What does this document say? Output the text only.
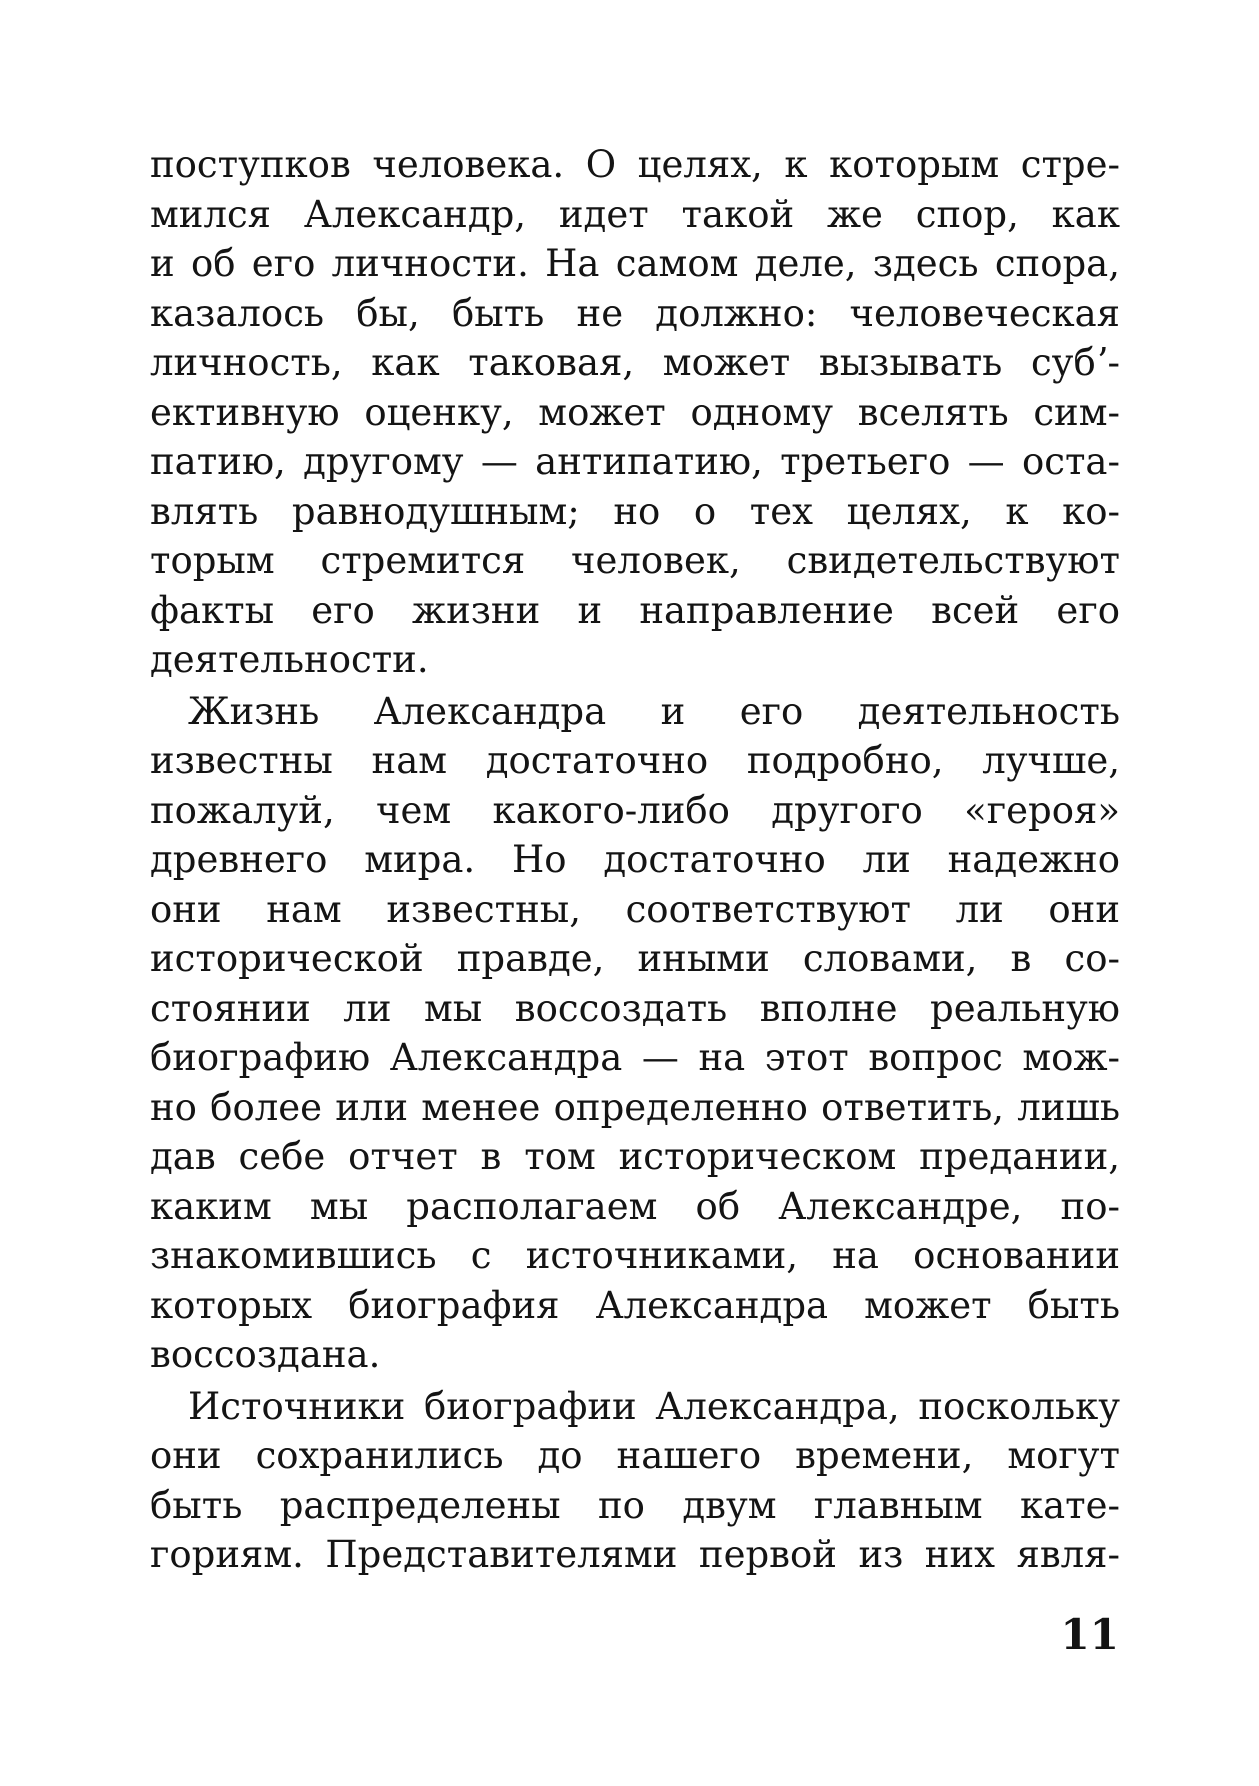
поступков человека. О целях, к которым стре-
мился Александр, идет такой же спор, как
и об его личности. На самом деле, здесь спора,
казалось бы, быть не должно: человеческая
личность, как таковая, может вызывать субʼ-
ективную оценку, может одному вселять сим-
патию, другому — антипатию, третьего — оста-
влять равнодушным; но о тех целях, к ко-
торым стремится человек, свидетельствуют
факты его жизни и направление всей его
деятельности.
Жизнь Александра и его деятельность
известны нам достаточно подробно, лучше,
пожалуй, чем какого-либо другого «героя»
древнего мира. Но достаточно ли надежно
они нам известны, соответствуют ли они
исторической правде, иными словами, в со-
стоянии ли мы воссоздать вполне реальную
биографию Александра — на этот вопрос мож-
но более или менее определенно ответить, лишь
дав себе отчет в том историческом предании,
каким мы располагаем об Александре, по-
знакомившись с источниками, на основании
которых биография Александра может быть
воссоздана.
Источники биографии Александра, поскольку
они сохранились до нашего времени, могут
быть распределены по двум главным кате-
гориям. Представителями первой из них явля-
11
